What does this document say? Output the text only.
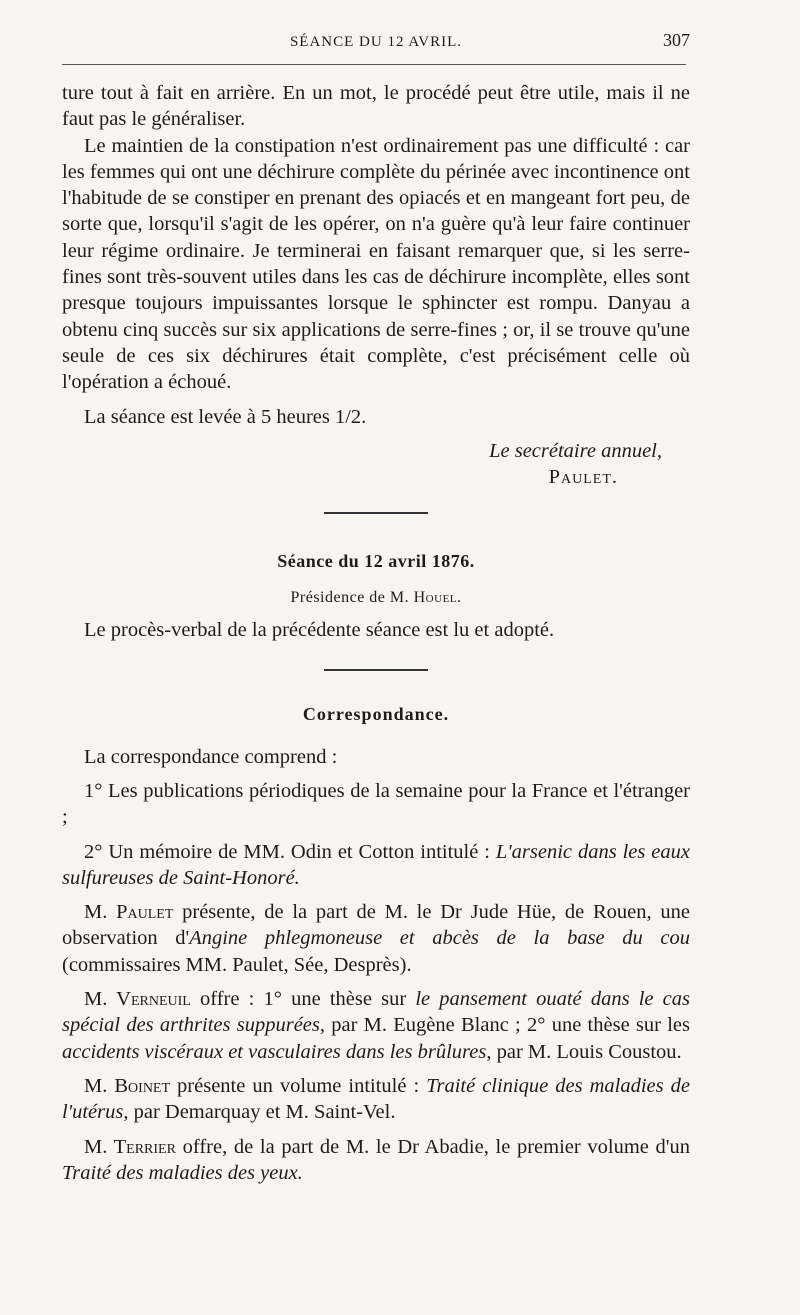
SÉANCE DU 12 AVRIL.	307

ture tout à fait en arrière. En un mot, le procédé peut être utile, mais il ne faut pas le généraliser.

Le maintien de la constipation n'est ordinairement pas une difficulté : car les femmes qui ont une déchirure complète du périnée avec incontinence ont l'habitude de se constiper en prenant des opiacés et en mangeant fort peu, de sorte que, lorsqu'il s'agit de les opérer, on n'a guère qu'à leur faire continuer leur régime ordinaire. Je terminerai en faisant remarquer que, si les serre-fines sont très-souvent utiles dans les cas de déchirure incomplète, elles sont presque toujours impuissantes lorsque le sphincter est rompu. Danyau a obtenu cinq succès sur six applications de serre-fines ; or, il se trouve qu'une seule de ces six déchirures était complète, c'est précisément celle où l'opération a échoué.

La séance est levée à 5 heures 1/2.

Le secrétaire annuel,
Paulet.
Séance du 12 avril 1876.
Présidence de M. Houel.

Le procès-verbal de la précédente séance est lu et adopté.

Correspondance.

La correspondance comprend :

1° Les publications périodiques de la semaine pour la France et l'étranger ;

2° Un mémoire de MM. Odin et Cotton intitulé : L'arsenic dans les eaux sulfureuses de Saint-Honoré.

M. Paulet présente, de la part de M. le Dr Jude Hüe, de Rouen, une observation d'Angine phlegmoneuse et abcès de la base du cou (commissaires MM. Paulet, Sée, Desprès).

M. Verneuil offre : 1° une thèse sur le pansement ouaté dans le cas spécial des arthrites suppurées, par M. Eugène Blanc ; 2° une thèse sur les accidents viscéraux et vasculaires dans les brûlures, par M. Louis Coustou.

M. Boinet présente un volume intitulé : Traité clinique des maladies de l'utérus, par Demarquay et M. Saint-Vel.

M. Terrier offre, de la part de M. le Dr Abadie, le premier volume d'un Traité des maladies des yeux.
